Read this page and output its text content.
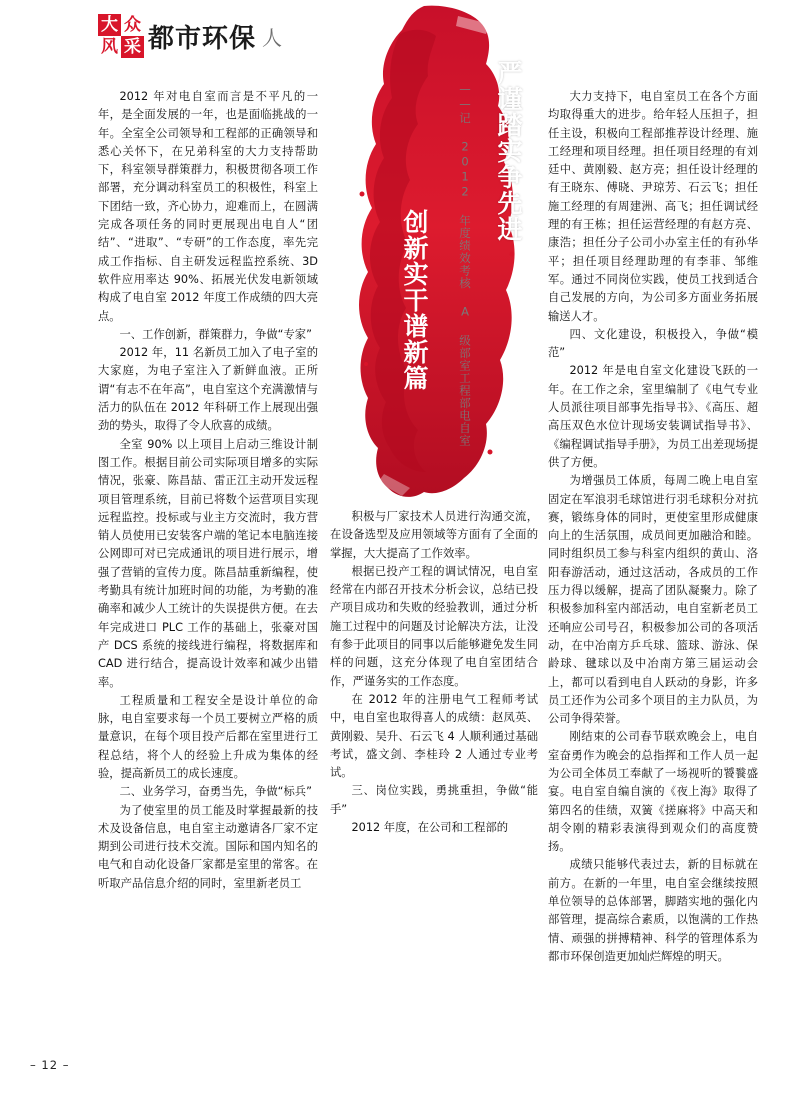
大 众
风 采 都市环保 人
严谨踏实争先进
创新实干谱新篇	——记 2012 年度绩效考核 A 级部室工程部电自室

2012 年对电自室而言是不平凡的一年，是全面发展的一年，也是面临挑战的一年。全室全公司领导和工程部的正确领导和悉心关怀下，在兄弟科室的大力支持帮助下，科室领导群策群力，积极贯彻各项工作部署，充分调动科室员工的积极性，科室上下团结一致，齐心协力，迎难而上，在圆满完成各项任务的同时更展现出电自人“团结”、“进取”、“专研”的工作态度，率先完成工作指标、自主研发远程监控系统、3D 软件应用率达 90%、拓展光伏发电新领域构成了电自室 2012 年度工作成绩的四大亮点。

一、工作创新，群策群力，争做“专家”

2012 年，11 名新员工加入了电子室的大家庭，为电子室注入了新鲜血液。正所谓“有志不在年高”，电自室这个充满激情与活力的队伍在 2012 年科研工作上展现出强劲的势头，取得了令人欣喜的成绩。

全室 90% 以上项目上启动三维设计制图工作。根据目前公司实际项目增多的实际情况，张豪、陈昌喆、雷正江主动开发远程项目管理系统，目前已将数个运营项目实现远程监控。投标或与业主方交流时，我方营销人员使用已安装客户端的笔记本电脑连接公网即可对已完成通讯的项目进行展示，增强了营销的宣传力度。陈昌喆重新编程，使考勤具有统计加班时间的功能，为考勤的准确率和减少人工统计的失误提供方便。在去年完成进口 PLC 工作的基础上，张豪对国产 DCS 系统的接线进行编程，将数据库和 CAD 进行结合，提高设计效率和减少出错率。

工程质量和工程安全是设计单位的命脉，电自室要求每一个员工要树立严格的质量意识，在每个项目投产后都在室里进行工程总结，将个人的经验上升成为集体的经验，提高新员工的成长速度。

二、业务学习，奋勇当先，争做“标兵”

为了使室里的员工能及时掌握最新的技术及设备信息，电自室主动邀请各厂家不定期到公司进行技术交流。国际和国内知名的电气和自动化设备厂家都是室里的常客。在听取产品信息介绍的同时，室里新老员工

积极与厂家技术人员进行沟通交流，在设备选型及应用领域等方面有了全面的掌握，大大提高了工作效率。

根据已投产工程的调试情况，电自室经常在内部召开技术分析会议，总结已投产项目成功和失败的经验教训，通过分析施工过程中的问题及讨论解决方法，让没有参于此项目的同事以后能够避免发生同样的问题，这充分体现了电自室团结合作，严谨务实的工作态度。

在 2012 年的注册电气工程师考试中，电自室也取得喜人的成绩：赵凤英、黄刚毅、吴升、石云飞 4 人顺利通过基础考试，盛文剑、李桂玲 2 人通过专业考试。

三、岗位实践，勇挑重担，争做“能手”

2012 年度，在公司和工程部的

大力支持下，电自室员工在各个方面均取得重大的进步。给年轻人压担子，担任主设，积极向工程部推荐设计经理、施工经理和项目经理。担任项目经理的有刘廷中、黄刚毅、赵方亮；担任设计经理的有王晓东、傅晓、尹琼芳、石云飞；担任施工经理的有周建洲、高飞；担任调试经理的有王栋；担任运营经理的有赵方亮、康浩；担任分子公司小办室主任的有孙华平；担任项目经理助理的有李菲、邹维军。通过不同岗位实践，使员工找到适合自己发展的方向，为公司多方面业务拓展输送人才。

四、文化建设，积极投入，争做“模范”

2012 年是电自室文化建设飞跃的一年。在工作之余，室里编制了《电气专业人员派往项目部事先指导书》、《高压、超高压双色水位计现场安装调试指导书》、《编程调试指导手册》，为员工出差现场提供了方便。

为增强员工体质，每周二晚上电自室固定在军浪羽毛球馆进行羽毛球积分对抗赛，锻练身体的同时，更使室里形成健康向上的生活氛围，成员间更加融洽和睦。同时组织员工参与科室内组织的黄山、洛阳春游活动，通过这活动，各成员的工作压力得以缓解，提高了团队凝聚力。除了积极参加科室内部活动，电自室新老员工还响应公司号召，积极参加公司的各项活动，在中冶南方乒乓球、篮球、游泳、保龄球、毽球以及中冶南方第三届运动会上，都可以看到电自人跃动的身影，许多员工还作为公司多个项目的主力队员，为公司争得荣誉。

刚结束的公司春节联欢晚会上，电自室奋勇作为晚会的总指挥和工作人员一起为公司全体员工奉献了一场视听的饕餮盛宴。电自室自编自演的《夜上海》取得了第四名的佳绩，双簧《搓麻将》中高天和胡令刚的精彩表演得到观众们的高度赞扬。

成绩只能够代表过去，新的目标就在前方。在新的一年里，电自室会继续按照单位领导的总体部署，脚踏实地的强化内部管理，提高综合素质，以饱满的工作热情、顽强的拼搏精神、科学的管理体系为都市环保创造更加灿烂辉煌的明天。

– 12 –
